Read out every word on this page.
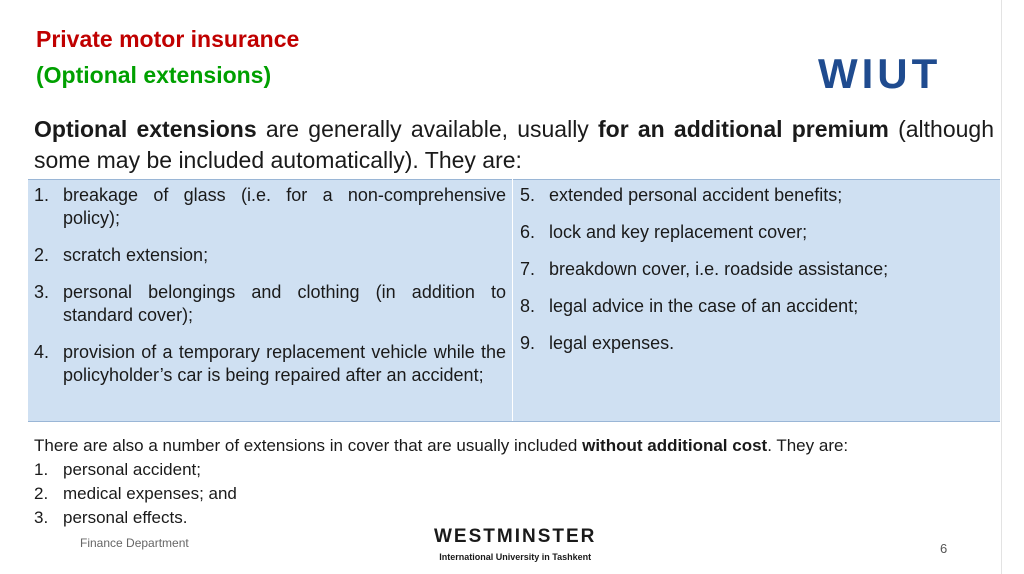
Private motor insurance
(Optional extensions)	WIUT
Optional extensions are generally available, usually for an additional premium (although some may be included automatically). They are:
1. breakage of glass (i.e. for a non-comprehensive policy);
2. scratch extension;
3. personal belongings and clothing (in addition to standard cover);
4. provision of a temporary replacement vehicle while the policyholder’s car is being repaired after an accident;
5. extended personal accident benefits;
6. lock and key replacement cover;
7. breakdown cover, i.e. roadside assistance;
8. legal advice in the case of an accident;
9. legal expenses.
There are also a number of extensions in cover that are usually included without additional cost. They are:
1. personal accident;
2. medical expenses; and
3. personal effects.
Finance Department	WESTMINSTER
International University in Tashkent
6
